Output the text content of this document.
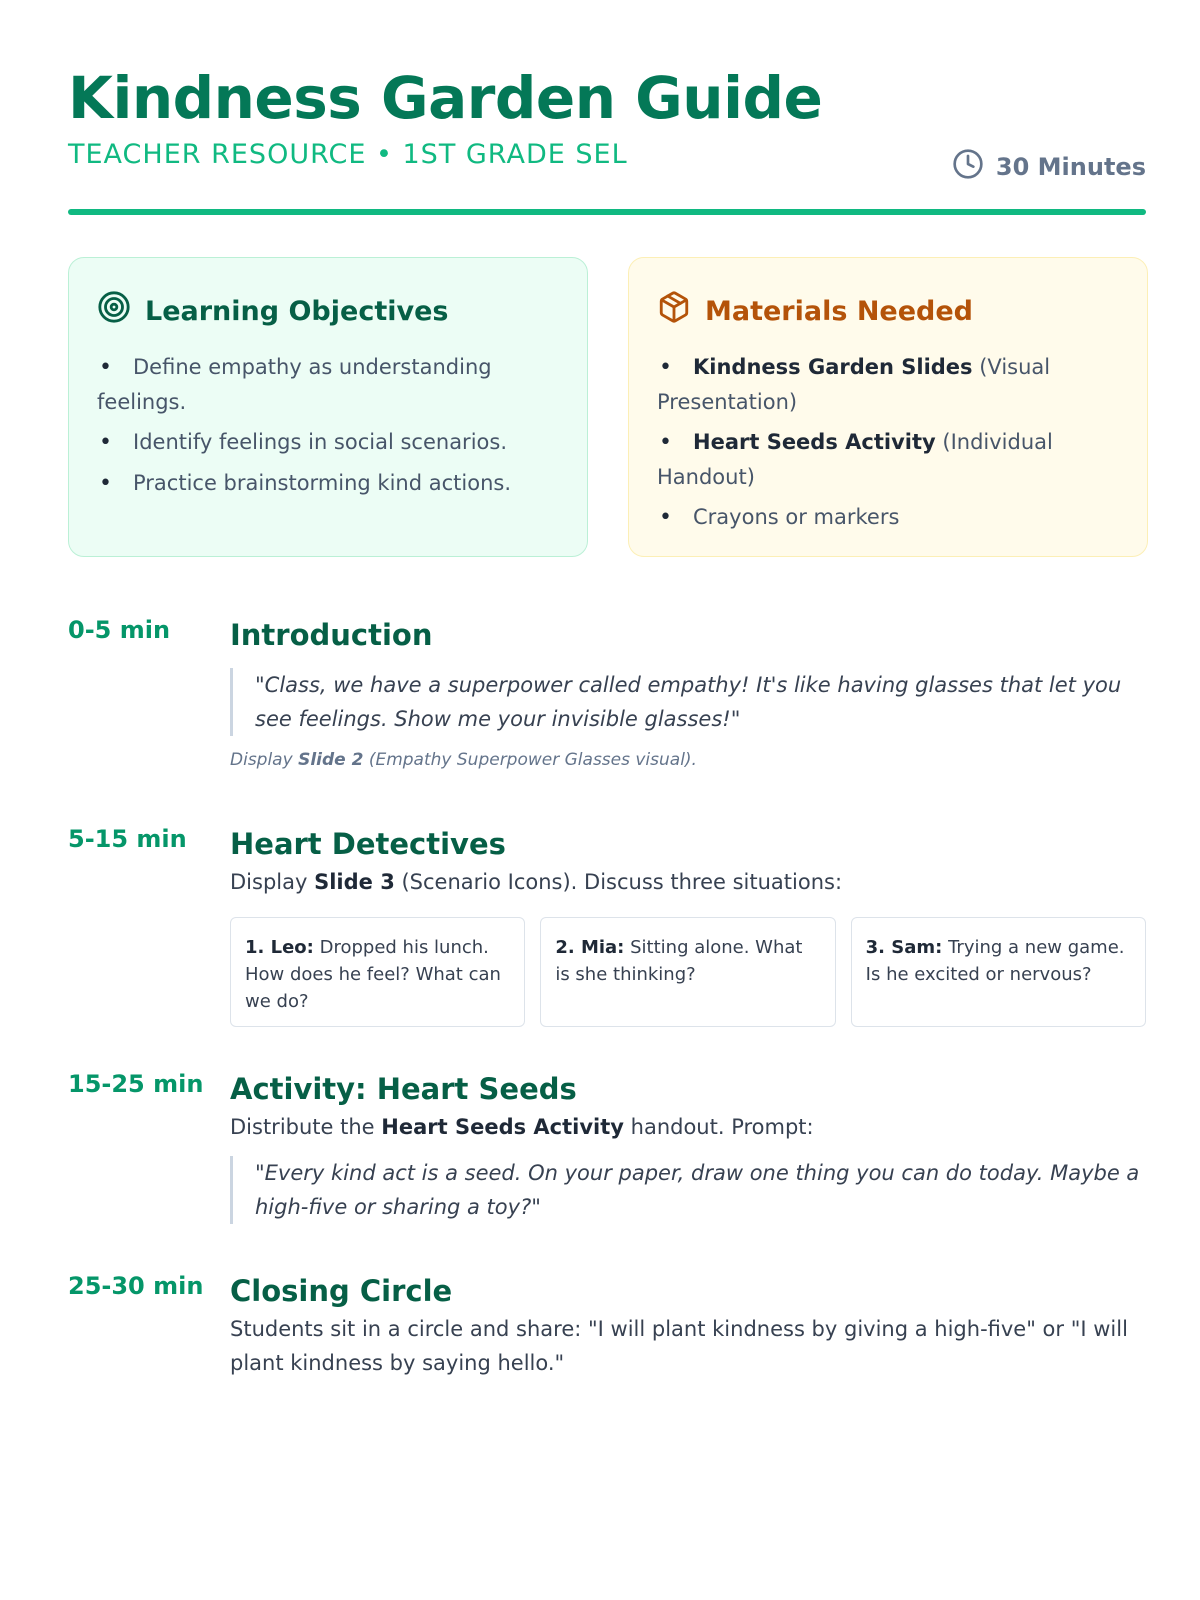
Kindness Garden Guide
TEACHER RESOURCE • 1ST GRADE SEL	30 Minutes
Learning Objectives
• Define empathy as understanding feelings.
• Identify feelings in social scenarios.
• Practice brainstorming kind actions.
Materials Needed
• Kindness Garden Slides (Visual Presentation)
• Heart Seeds Activity (Individual Handout)
• Crayons or markers
0-5 min	Introduction
"Class, we have a superpower called empathy! It's like having glasses that let you see feelings. Show me your invisible glasses!"
Display Slide 2 (Empathy Superpower Glasses visual).
5-15 min	Heart Detectives
Display Slide 3 (Scenario Icons). Discuss three situations:
1. Leo: Dropped his lunch. How does he feel? What can we do?
2. Mia: Sitting alone. What is she thinking?
3. Sam: Trying a new game. Is he excited or nervous?
15-25 min Activity: Heart Seeds
Distribute the Heart Seeds Activity handout. Prompt:
"Every kind act is a seed. On your paper, draw one thing you can do today. Maybe a high-five or sharing a toy?"
25-30 min Closing Circle
Students sit in a circle and share: "I will plant kindness by giving a high-five" or "I will plant kindness by saying hello."
